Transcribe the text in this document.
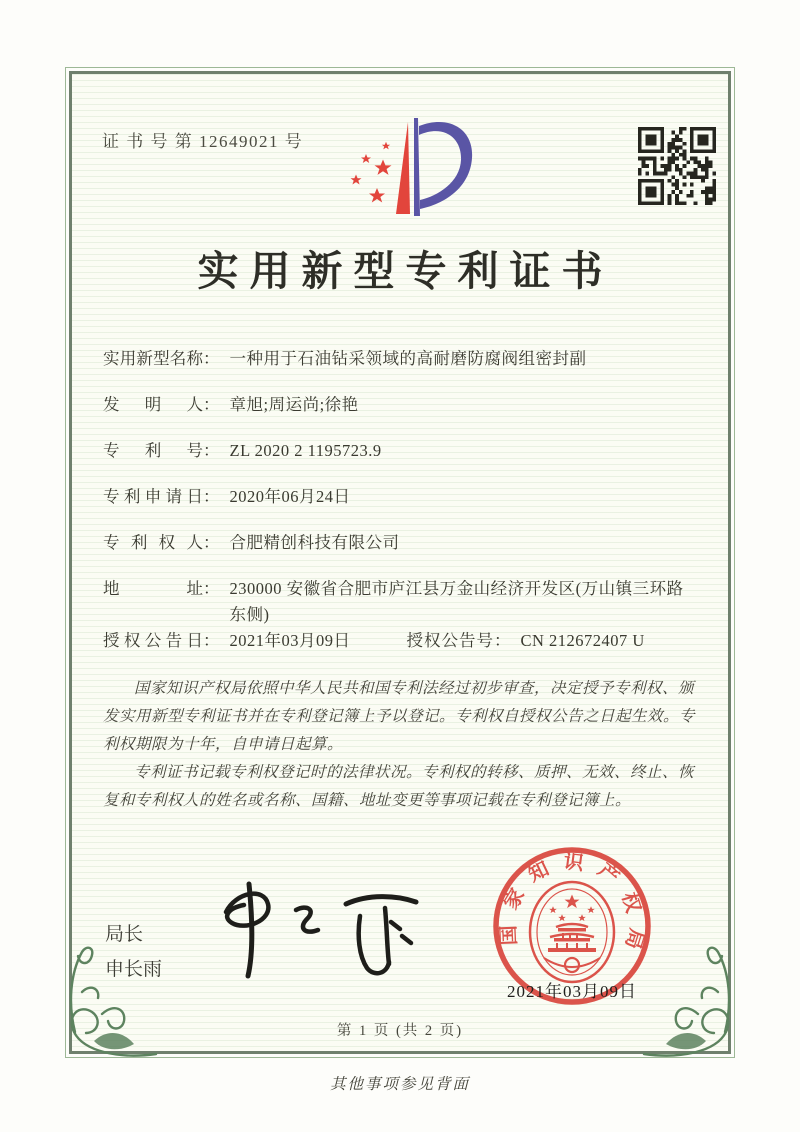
证 书 号 第 12649021 号
实用新型专利证书
实用新型名称 ： 一种用于石油钻采领域的高耐磨防腐阀组密封副
发明人 ： 章旭;周运尚;徐艳
专利号 ： ZL 2020 2 1195723.9
专利申请日 ： 2020年06月24日
专利权人 ： 合肥精创科技有限公司
地址 ： 230000 安徽省合肥市庐江县万金山经济开发区(万山镇三环路东侧)
授权公告日 ： 2021年03月09日	授权公告号 ： CN 212672407 U

国家知识产权局依照中华人民共和国专利法经过初步审查，决定授予专利权、颁发实用新型专利证书并在专利登记簿上予以登记。专利权自授权公告之日起生效。专利权期限为十年，自申请日起算。

专利证书记载专利权登记时的法律状况。专利权的转移、质押、无效、终止、恢复和专利权人的姓名或名称、国籍、地址变更等事项记载在专利登记簿上。

局长
申长雨
国家知识产权局
2021年03月09日
第 1 页 (共 2 页)
其他事项参见背面
